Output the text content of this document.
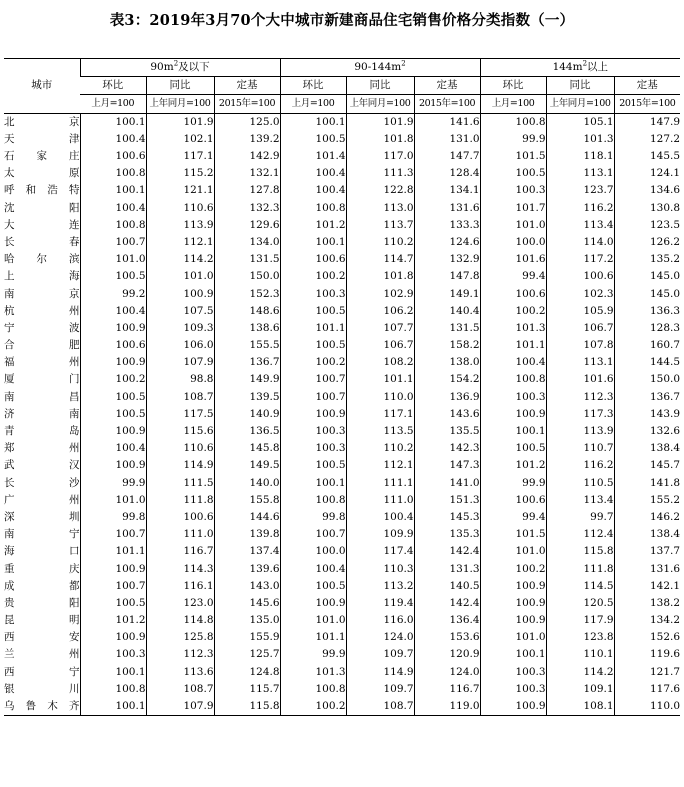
表3：2019年3月70个大中城市新建商品住宅销售价格分类指数（一）
城市	$90m^2$及以下			$90-144m^2$			$144m^2$以上		
	环比	同比	定基	环比	同比	定基	环比	同比	定基
	上月=100	上年同月=100	2015年=100	上月=100	上年同月=100	2015年=100	上月=100	上年同月=100	2015年=100
北京	100.1	101.9	125.0	100.1	101.9	141.6	100.8	105.1	147.9
天津	100.4	102.1	139.2	100.5	101.8	131.0	99.9	101.3	127.2
石家庄	100.6	117.1	142.9	101.4	117.0	147.7	101.5	118.1	145.5
太原	100.8	115.2	132.1	100.4	111.3	128.4	100.5	113.1	124.1
呼和浩特	100.1	121.1	127.8	100.4	122.8	134.1	100.3	123.7	134.6
沈阳	100.4	110.6	132.3	100.8	113.0	131.6	101.7	116.2	130.8
大连	100.8	113.9	129.6	101.2	113.7	133.3	101.0	113.4	123.5
长春	100.7	112.1	134.0	100.1	110.2	124.6	100.0	114.0	126.2
哈尔滨	101.0	114.2	131.5	100.6	114.7	132.9	101.6	117.2	135.2
上海	100.5	101.0	150.0	100.2	101.8	147.8	99.4	100.6	145.0
南京	99.2	100.9	152.3	100.3	102.9	149.1	100.6	102.3	145.0
杭州	100.4	107.5	148.6	100.5	106.2	140.4	100.2	105.9	136.3
宁波	100.9	109.3	138.6	101.1	107.7	131.5	101.3	106.7	128.3
合肥	100.6	106.0	155.5	100.5	106.7	158.2	101.1	107.8	160.7
福州	100.9	107.9	136.7	100.2	108.2	138.0	100.4	113.1	144.5
厦门	100.2	98.8	149.9	100.7	101.1	154.2	100.8	101.6	150.0
南昌	100.5	108.7	139.5	100.7	110.0	136.9	100.3	112.3	136.7
济南	100.5	117.5	140.9	100.9	117.1	143.6	100.9	117.3	143.9
青岛	100.9	115.6	136.5	100.3	113.5	135.5	100.1	113.9	132.6
郑州	100.4	110.6	145.8	100.3	110.2	142.3	100.5	110.7	138.4
武汉	100.9	114.9	149.5	100.5	112.1	147.3	101.2	116.2	145.7
长沙	99.9	111.5	140.0	100.1	111.1	141.0	99.9	110.5	141.8
广州	101.0	111.8	155.8	100.8	111.0	151.3	100.6	113.4	155.2
深圳	99.8	100.6	144.6	99.8	100.4	145.3	99.4	99.7	146.2
南宁	100.7	111.0	139.8	100.7	109.9	135.3	101.5	112.4	138.4
海口	101.1	116.7	137.4	100.0	117.4	142.4	101.0	115.8	137.7
重庆	100.9	114.3	139.6	100.4	110.3	131.3	100.2	111.8	131.6
成都	100.7	116.1	143.0	100.5	113.2	140.5	100.9	114.5	142.1
贵阳	100.5	123.0	145.6	100.9	119.4	142.4	100.9	120.5	138.2
昆明	101.2	114.8	135.0	101.0	116.0	136.4	100.9	117.9	134.2
西安	100.9	125.8	155.9	101.1	124.0	153.6	101.0	123.8	152.6
兰州	100.3	112.3	125.7	99.9	109.7	120.9	100.1	110.1	119.6
西宁	100.1	113.6	124.8	101.3	114.9	124.0	100.3	114.2	121.7
银川	100.8	108.7	115.7	100.8	109.7	116.7	100.3	109.1	117.6
乌鲁木齐	100.1	107.9	115.8	100.2	108.7	119.0	100.9	108.1	110.0
